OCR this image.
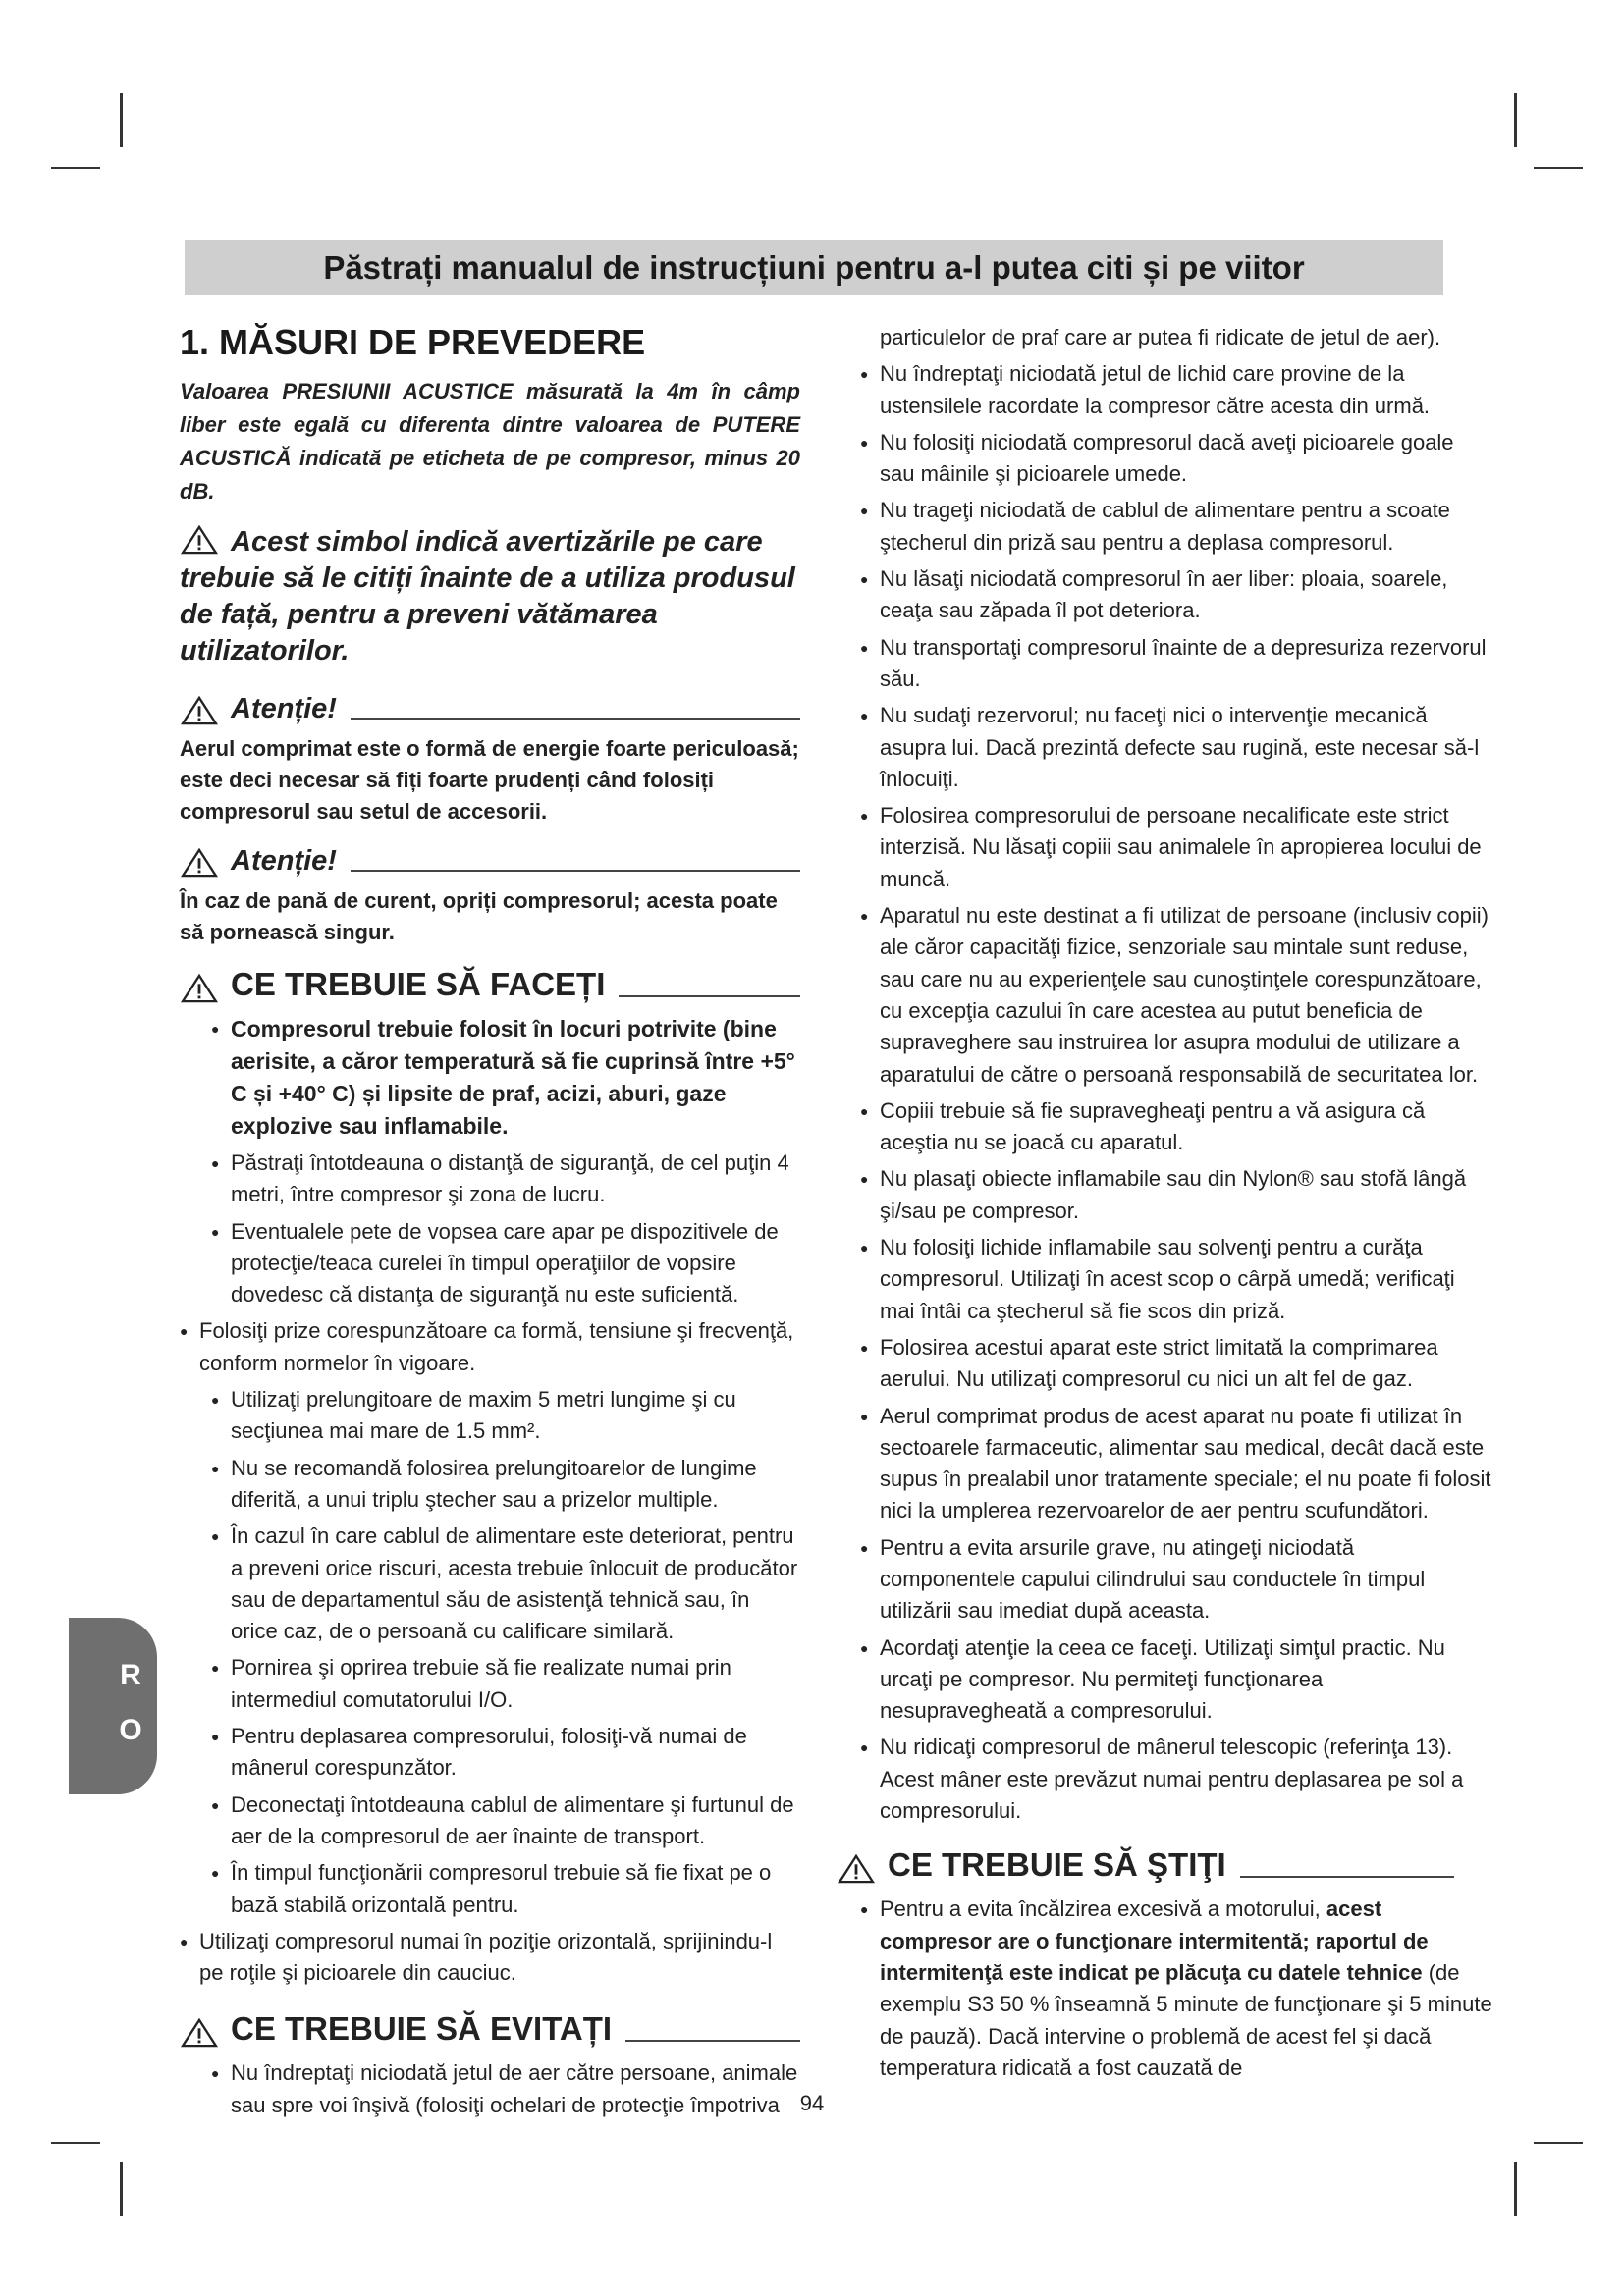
Păstrați manualul de instrucțiuni pentru a-l putea citi și pe viitor
1. MĂSURI DE PREVEDERE

Valoarea PRESIUNII ACUSTICE măsurată la 4m în câmp liber este egală cu diferenta dintre valoarea de PUTERE ACUSTICĂ indicată pe eticheta de pe compresor, minus 20 dB.

Acest simbol indică avertizările pe care trebuie să le citiți înainte de a utiliza produsul de față, pentru a preveni vătămarea utilizatorilor.
Atenție!

Aerul comprimat este o formă de energie foarte periculoasă; este deci necesar să fiți foarte prudenți când folosiți compresorul sau setul de accesorii.

Atenție!

În caz de pană de curent, opriți compresorul; acesta poate să pornească singur.

CE TREBUIE SĂ FACEȚI
● Compresorul trebuie folosit în locuri potrivite (bine aerisite, a căror temperatură să fie cuprinsă între +5° C și +40° C) și lipsite de praf, acizi, aburi, gaze explozive sau inflamabile.
● Păstraţi întotdeauna o distanţă de siguranţă, de cel puţin 4 metri, între compresor şi zona de lucru.
● Eventualele pete de vopsea care apar pe dispozitivele de protecţie/teaca curelei în timpul operaţiilor de vopsire dovedesc că distanţa de siguranţă nu este suficientă.
● Folosiţi prize corespunzătoare ca formă, tensiune şi frecvenţă, conform normelor în vigoare.
● Utilizaţi prelungitoare de maxim 5 metri lungime şi cu secţiunea mai mare de 1.5 mm².
● Nu se recomandă folosirea prelungitoarelor de lungime diferită, a unui triplu ştecher sau a prizelor multiple.
● În cazul în care cablul de alimentare este deteriorat, pentru a preveni orice riscuri, acesta trebuie înlocuit de producător sau de departamentul său de asistenţă tehnică sau, în orice caz, de o persoană cu calificare similară.
● Pornirea şi oprirea trebuie să fie realizate numai prin intermediul comutatorului I/O.
● Pentru deplasarea compresorului, folosiţi-vă numai de mânerul corespunzător.
● Deconectaţi întotdeauna cablul de alimentare şi furtunul de aer de la compresorul de aer înainte de transport.
● În timpul funcţionării compresorul trebuie să fie fixat pe o bază stabilă orizontală pentru.
● Utilizaţi compresorul numai în poziţie orizontală, sprijinindu-l pe roţile şi picioarele din cauciuc.
CE TREBUIE SĂ EVITAȚI
● Nu îndreptaţi niciodată jetul de aer către persoane, animale sau spre voi înşivă (folosiţi ochelari de protecţie împotriva

particulelor de praf care ar putea fi ridicate de jetul de aer).

● Nu îndreptaţi niciodată jetul de lichid care provine de la ustensilele racordate la compresor către acesta din urmă.
● Nu folosiţi niciodată compresorul dacă aveţi picioarele goale sau mâinile şi picioarele umede.
● Nu trageţi niciodată de cablul de alimentare pentru a scoate ştecherul din priză sau pentru a deplasa compresorul.
● Nu lăsaţi niciodată compresorul în aer liber: ploaia, soarele, ceaţa sau zăpada îl pot deteriora.
● Nu transportaţi compresorul înainte de a depresuriza rezervorul său.
● Nu sudaţi rezervorul; nu faceţi nici o intervenţie mecanică asupra lui. Dacă prezintă defecte sau rugină, este necesar să-l înlocuiţi.
● Folosirea compresorului de persoane necalificate este strict interzisă. Nu lăsaţi copiii sau animalele în apropierea locului de muncă.
● Aparatul nu este destinat a fi utilizat de persoane (inclusiv copii) ale căror capacităţi fizice, senzoriale sau mintale sunt reduse, sau care nu au experienţele sau cunoştinţele corespunzătoare, cu excepţia cazului în care acestea au putut beneficia de supraveghere sau instruirea lor asupra modului de utilizare a aparatului de către o persoană responsabilă de securitatea lor.
● Copiii trebuie să fie supravegheaţi pentru a vă asigura că aceştia nu se joacă cu aparatul.
● Nu plasaţi obiecte inflamabile sau din Nylon® sau stofă lângă şi/sau pe compresor.
● Nu folosiţi lichide inflamabile sau solvenţi pentru a curăţa compresorul. Utilizaţi în acest scop o cârpă umedă; verificaţi mai întâi ca ştecherul să fie scos din priză.
● Folosirea acestui aparat este strict limitată la comprimarea aerului. Nu utilizaţi compresorul cu nici un alt fel de gaz.
● Aerul comprimat produs de acest aparat nu poate fi utilizat în sectoarele farmaceutic, alimentar sau medical, decât dacă este supus în prealabil unor tratamente speciale; el nu poate fi folosit nici la umplerea rezervoarelor de aer pentru scufundători.
● Pentru a evita arsurile grave, nu atingeţi niciodată componentele capului cilindrului sau conductele în timpul utilizării sau imediat după aceasta.
● Acordaţi atenţie la ceea ce faceţi. Utilizaţi simţul practic. Nu urcaţi pe compresor. Nu permiteţi funcţionarea nesupravegheată a compresorului.
● Nu ridicaţi compresorul de mânerul telescopic (referinţa 13). Acest mâner este prevăzut numai pentru deplasarea pe sol a compresorului.
CE TREBUIE SĂ ŞTIŢI
● Pentru a evita încălzirea excesivă a motorului, acest compresor are o funcţionare intermitentă; raportul de intermitenţă este indicat pe plăcuţa cu datele tehnice (de exemplu S3 50 % înseamnă 5 minute de funcţionare şi 5 minute de pauză). Dacă intervine o problemă de acest fel şi dacă temperatura ridicată a fost cauzată de
94
R
O
